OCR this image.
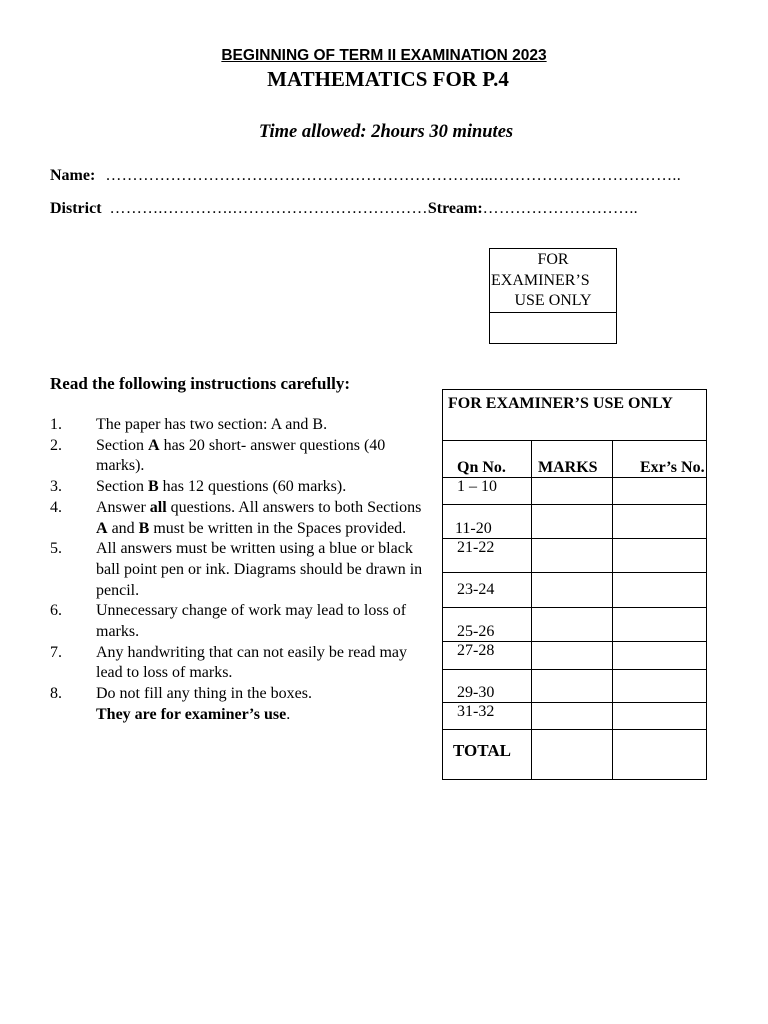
BEGINNING OF TERM II EXAMINATION 2023
MATHEMATICS FOR P.4
Time allowed: 2hours 30 minutes
Name: ……………………………………………………………...……………………………..
District ……….………….………………………………Stream:………………………..
FOR
EXAMINER’S
USE ONLY
Read the following instructions carefully:
1. The paper has two section: A and B.
2. Section A has 20 short- answer questions (40 marks).
3. Section B has 12 questions (60 marks).
4. Answer all questions. All answers to both Sections A and B must be written in the Spaces provided.
5. All answers must be written using a blue or black ball point pen or ink. Diagrams should be drawn in pencil.
6. Unnecessary change of work may lead to loss of marks.
7. Any handwriting that can not easily be read may lead to loss of marks.
8. Do not fill any thing in the boxes.
They are for examiner’s use.
FOR EXAMINER’S USE ONLY		
Qn No.	MARKS	Exr’s No.
1 – 10		
11-20		
21-22		
23-24		
25-26		
27-28		
29-30		
31-32		
TOTAL		
